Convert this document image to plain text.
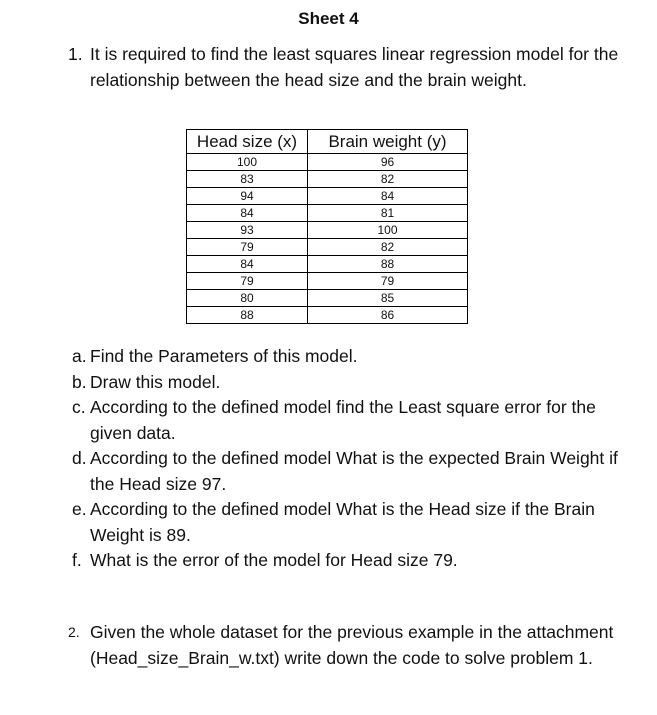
Sheet 4
1. It is required to find the least squares linear regression model for the relationship between the head size and the brain weight.
Head size (x)	Brain weight (y)
100	96
83	82
94	84
84	81
93	100
79	82
84	88
79	79
80	85
88	86
a. Find the Parameters of this model.
b. Draw this model.
c. According to the defined model find the Least square error for the given data.
d. According to the defined model What is the expected Brain Weight if the Head size 97.
e. According to the defined model What is the Head size if the Brain Weight is 89.
f. What is the error of the model for Head size 79.
2. Given the whole dataset for the previous example in the attachment (Head_size_Brain_w.txt) write down the code to solve problem 1.
